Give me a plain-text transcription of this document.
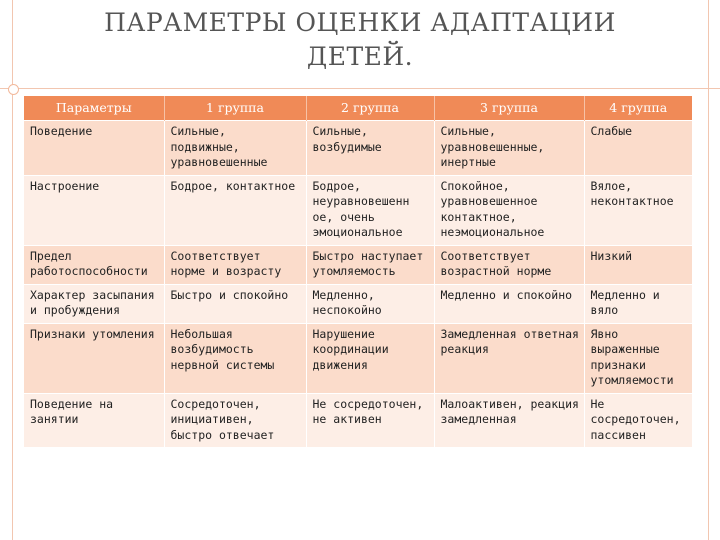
ПАРАМЕТРЫ ОЦЕНКИ АДАПТАЦИИ
ДЕТЕЙ.
Параметры	1 группа	2 группа	3 группа	4 группа
Поведение	Сильные, подвижные, уравновешенные	Сильные, возбудимые	Сильные, уравновешенные, инертные	Слабые
Настроение	Бодрое, контактное	Бодрое, неуравновешенн ое, очень эмоциональное	Спокойное, уравновешенное контактное, неэмоциональное	Вялое, неконтактное
Предел работоспособности	Соответствует норме и возрасту	Быстро наступает утомляемость	Соответствует возрастной норме	Низкий
Характер засыпания и пробуждения	Быстро и спокойно	Медленно, неспокойно	Медленно и спокойно	Медленно и вяло
Признаки утомления	Небольшая возбудимость нервной системы	Нарушение координации движения	Замедленная ответная реакция	Явно выраженные признаки утомляемости
Поведение на занятии	Сосредоточен, инициативен, быстро отвечает	Не сосредоточен, не активен	Малоактивен, реакция замедленная	Не сосредоточен, пассивен
